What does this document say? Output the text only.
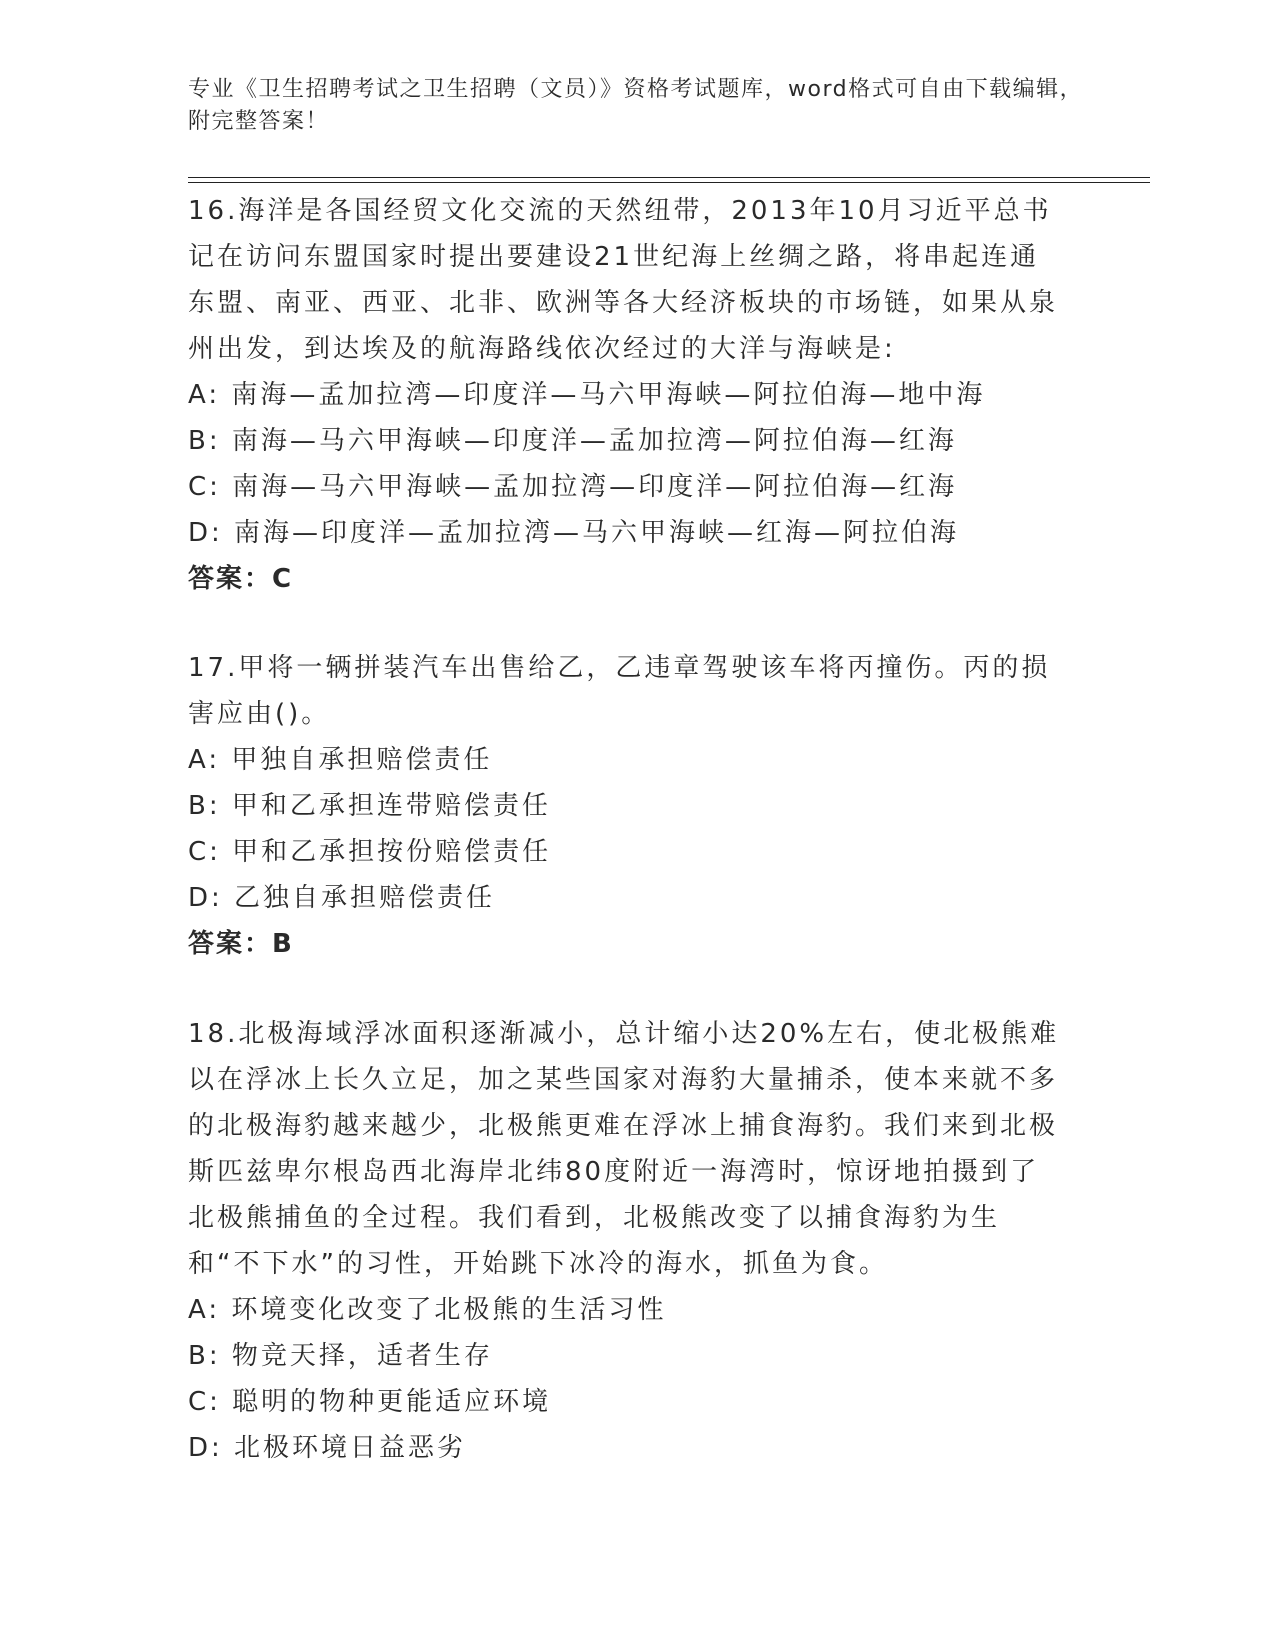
专业《卫生招聘考试之卫生招聘（文员）》资格考试题库，word格式可自由下载编辑，附完整答案！

16.海洋是各国经贸文化交流的天然纽带，2013年10月习近平总书记在访问东盟国家时提出要建设21世纪海上丝绸之路，将串起连通东盟、南亚、西亚、北非、欧洲等各大经济板块的市场链，如果从泉州出发，到达埃及的航海路线依次经过的大洋与海峡是:

A: 南海—孟加拉湾—印度洋—马六甲海峡—阿拉伯海—地中海

B: 南海—马六甲海峡—印度洋—孟加拉湾—阿拉伯海—红海

C: 南海—马六甲海峡—孟加拉湾—印度洋—阿拉伯海—红海

D: 南海—印度洋—孟加拉湾—马六甲海峡—红海—阿拉伯海

答案：C

17.甲将一辆拼装汽车出售给乙，乙违章驾驶该车将丙撞伤。丙的损害应由()。

A: 甲独自承担赔偿责任

B: 甲和乙承担连带赔偿责任

C: 甲和乙承担按份赔偿责任

D: 乙独自承担赔偿责任

答案：B

18.北极海域浮冰面积逐渐减小，总计缩小达20%左右，使北极熊难以在浮冰上长久立足，加之某些国家对海豹大量捕杀，使本来就不多的北极海豹越来越少，北极熊更难在浮冰上捕食海豹。我们来到北极斯匹兹卑尔根岛西北海岸北纬80度附近一海湾时，惊讶地拍摄到了北极熊捕鱼的全过程。我们看到，北极熊改变了以捕食海豹为生和“不下水”的习性，开始跳下冰冷的海水，抓鱼为食。

A: 环境变化改变了北极熊的生活习性

B: 物竞天择，适者生存

C: 聪明的物种更能适应环境

D: 北极环境日益恶劣
